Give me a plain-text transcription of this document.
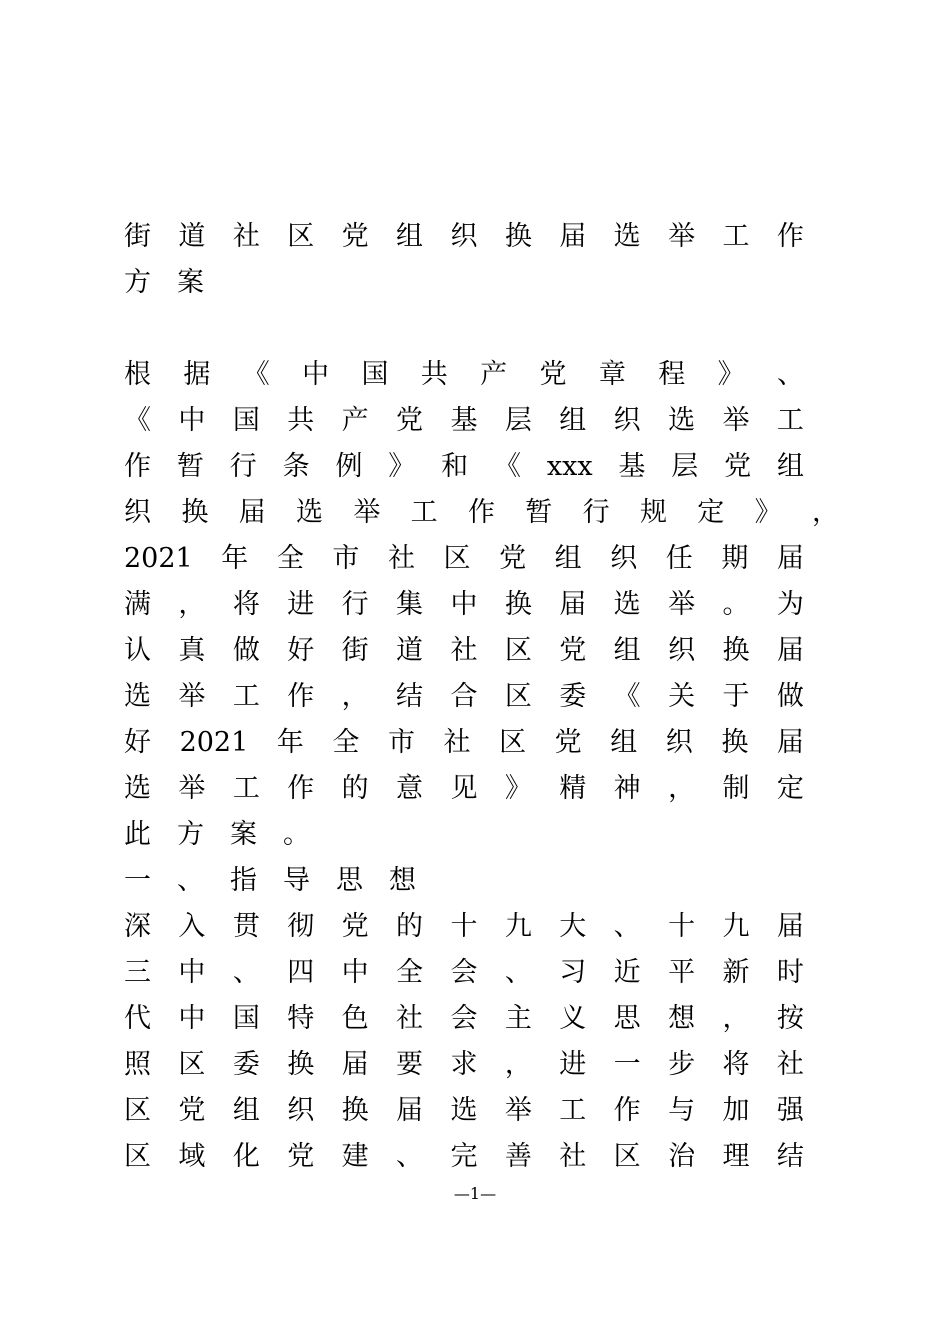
街 道 社 区 党 组 织 换 届 选 举 工 作
方 案
根 据 《 中 国 共 产 党 章 程 》 、
《 中 国 共 产 党 基 层 组 织 选 举 工
作 暂 行 条 例 》 和 《 xxx 基 层 党 组
织 换 届 选 举 工 作 暂 行 规 定 》 ，
2021 年 全 市 社 区 党 组 织 任 期 届
满 ， 将 进 行 集 中 换 届 选 举 。 为
认 真 做 好 街 道 社 区 党 组 织 换 届
选 举 工 作 ， 结 合 区 委 《 关 于 做
好 2021 年 全 市 社 区 党 组 织 换 届
选 举 工 作 的 意 见 》 精 神 ， 制 定
此 方 案 。
一 、 指 导 思 想
深 入 贯 彻 党 的 十 九 大 、 十 九 届
三 中 、 四 中 全 会 、 习 近 平 新 时
代 中 国 特 色 社 会 主 义 思 想 ， 按
照 区 委 换 届 要 求 ， 进 一 步 将 社
区 党 组 织 换 届 选 举 工 作 与 加 强
区 域 化 党 建 、 完 善 社 区 治 理 结
—1—
